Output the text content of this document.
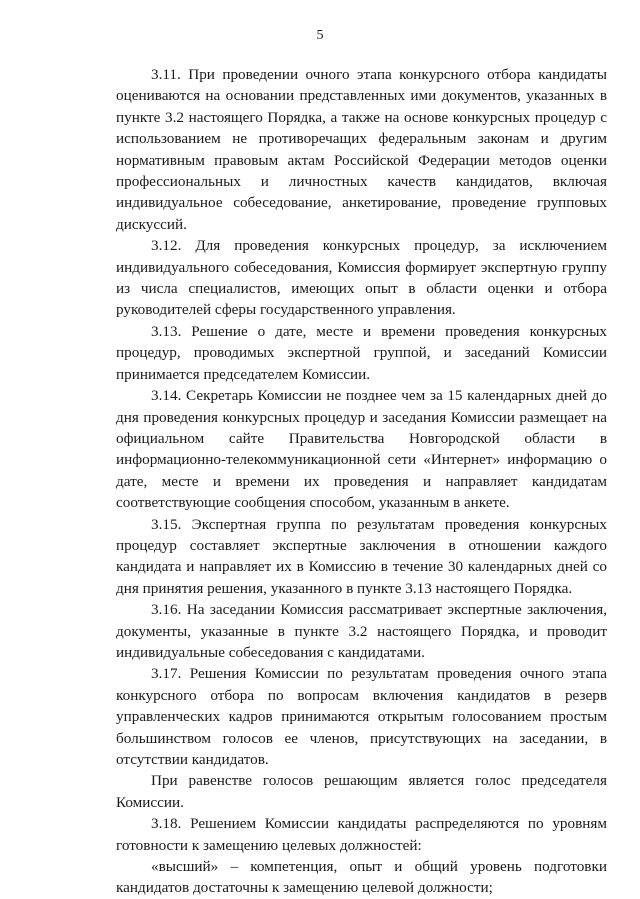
5

3.11. При проведении очного этапа конкурсного отбора кандидаты оцениваются на основании представленных ими документов, указанных в пункте 3.2 настоящего Порядка, а также на основе конкурсных процедур с использованием не противоречащих федеральным законам и другим нормативным правовым актам Российской Федерации методов оценки профессиональных и личностных качеств кандидатов, включая индивидуальное собеседование, анкетирование, проведение групповых дискуссий.

3.12. Для проведения конкурсных процедур, за исключением индивидуального собеседования, Комиссия формирует экспертную группу из числа специалистов, имеющих опыт в области оценки и отбора руководителей сферы государственного управления.

3.13. Решение о дате, месте и времени проведения конкурсных процедур, проводимых экспертной группой, и заседаний Комиссии принимается председателем Комиссии.

3.14. Секретарь Комиссии не позднее чем за 15 календарных дней до дня проведения конкурсных процедур и заседания Комиссии размещает на официальном сайте Правительства Новгородской области в информационно-телекоммуникационной сети «Интернет» информацию о дате, месте и времени их проведения и направляет кандидатам соответствующие сообщения способом, указанным в анкете.

3.15. Экспертная группа по результатам проведения конкурсных процедур составляет экспертные заключения в отношении каждого кандидата и направляет их в Комиссию в течение 30 календарных дней со дня принятия решения, указанного в пункте 3.13 настоящего Порядка.

3.16. На заседании Комиссия рассматривает экспертные заключения, документы, указанные в пункте 3.2 настоящего Порядка, и проводит индивидуальные собеседования с кандидатами.

3.17. Решения Комиссии по результатам проведения очного этапа конкурсного отбора по вопросам включения кандидатов в резерв управленческих кадров принимаются открытым голосованием простым большинством голосов ее членов, присутствующих на заседании, в отсутствии кандидатов.

При равенстве голосов решающим является голос председателя Комиссии.

3.18. Решением Комиссии кандидаты распределяются по уровням готовности к замещению целевых должностей:

«высший» – компетенция, опыт и общий уровень подготовки кандидатов достаточны к замещению целевой должности;
